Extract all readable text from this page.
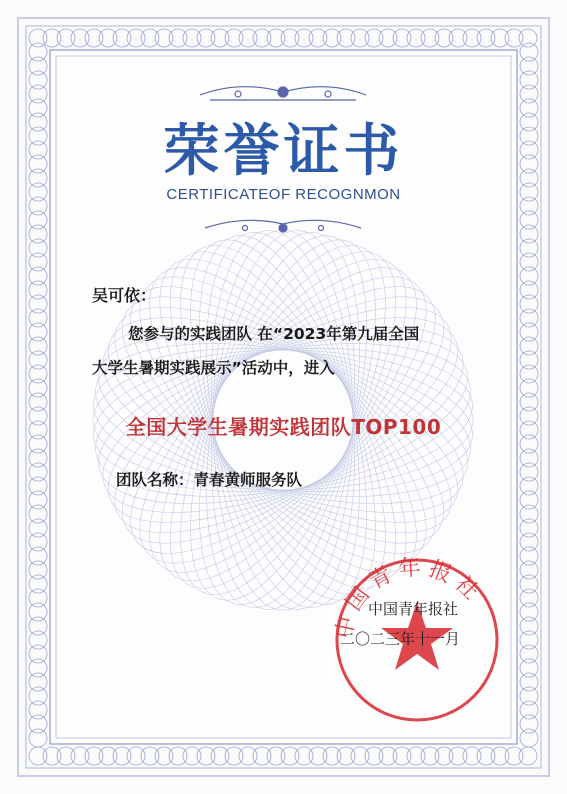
荣誉证书
CERTIFICATEOF RECOGNMON
吴可依：
您参与的实践团队 在“2023年第九届全国
大学生暑期实践展示”活动中，进入
全国大学生暑期实践团队TOP100
团队名称：青春黄师服务队
中国青年报社
中国青年报社
二〇二三年十一月
